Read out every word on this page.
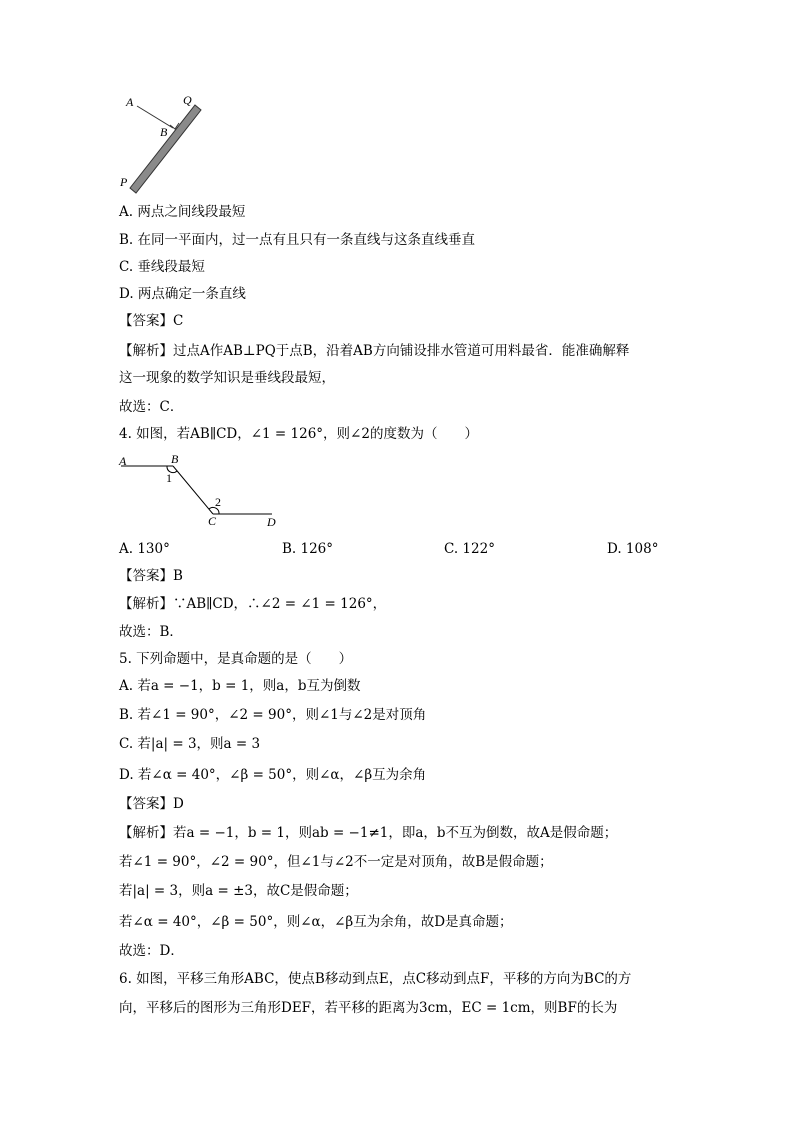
A	Q
B
P
A. 两点之间线段最短
B. 在同一平面内，过一点有且只有一条直线与这条直线垂直
C. 垂线段最短
D. 两点确定一条直线
【答案】C
【解析】过点A作AB⊥PQ于点B，沿着AB方向铺设排水管道可用料最省．能准确解释
这一现象的数学知识是垂线段最短，
故选：C．
4. 如图，若AB∥CD，∠1 = 126°，则∠2的度数为（　　）
A	B
1
2
C	D
A. 130°	B. 126°	C. 122°	D. 108°
【答案】B
【解析】∵AB∥CD，∴∠2 = ∠1 = 126°，
故选：B．
5. 下列命题中，是真命题的是（　　）
A. 若a = −1，b = 1，则a，b互为倒数
B. 若∠1 = 90°，∠2 = 90°，则∠1与∠2是对顶角
C. 若|a| = 3，则a = 3
D. 若∠α = 40°，∠β = 50°，则∠α，∠β互为余角
【答案】D
【解析】若a = −1，b = 1，则ab = −1≠1，即a，b不互为倒数，故A是假命题；
若∠1 = 90°，∠2 = 90°，但∠1与∠2不一定是对顶角，故B是假命题；
若|a| = 3，则a = ±3，故C是假命题；
若∠α = 40°，∠β = 50°，则∠α，∠β互为余角，故D是真命题；
故选：D．
6. 如图，平移三角形ABC，使点B移动到点E，点C移动到点F，平移的方向为BC的方
向，平移后的图形为三角形DEF，若平移的距离为3cm，EC = 1cm，则BF的长为
